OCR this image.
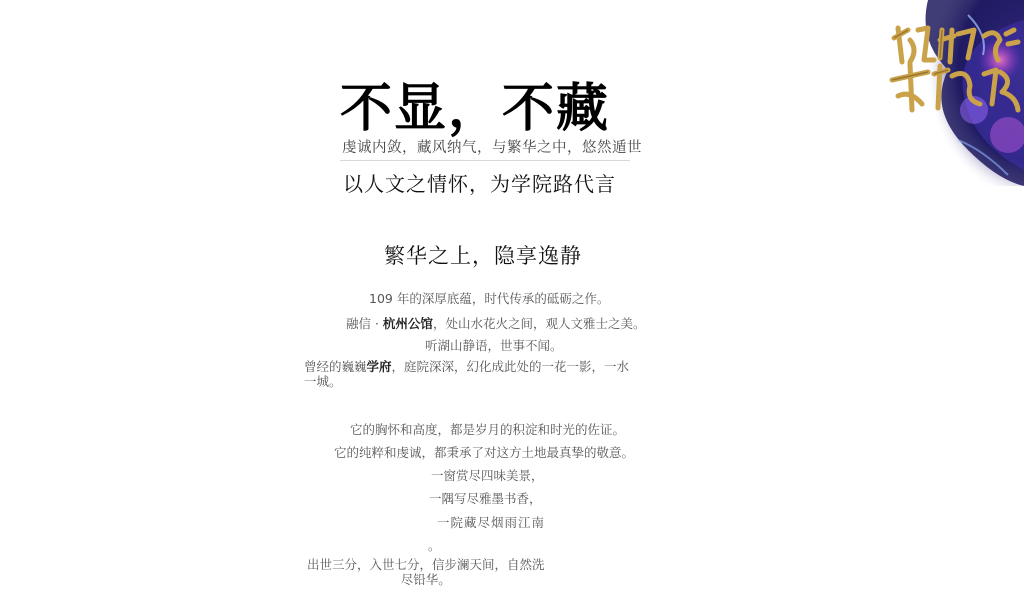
不显，不藏
虔诚内敛，藏风纳气，与繁华之中，悠然遁世
以人文之情怀，为学院路代言
繁华之上，隐享逸静
109 年的深厚底蕴，时代传承的砥砺之作。
融信 · 杭州公馆，处山水花火之间，观人文雅士之美。
听湖山静语，世事不闻。
曾经的巍巍学府，庭院深深，幻化成此处的一花一影，一水
一城。
它的胸怀和高度，都是岁月的积淀和时光的佐证。
它的纯粹和虔诚，都秉承了对这方土地最真挚的敬意。
一窗赏尽四味美景，
一隅写尽雅墨书香，
一院藏尽烟雨江南
。
出世三分，入世七分，信步澜天间，自然洗

尽铅华。
